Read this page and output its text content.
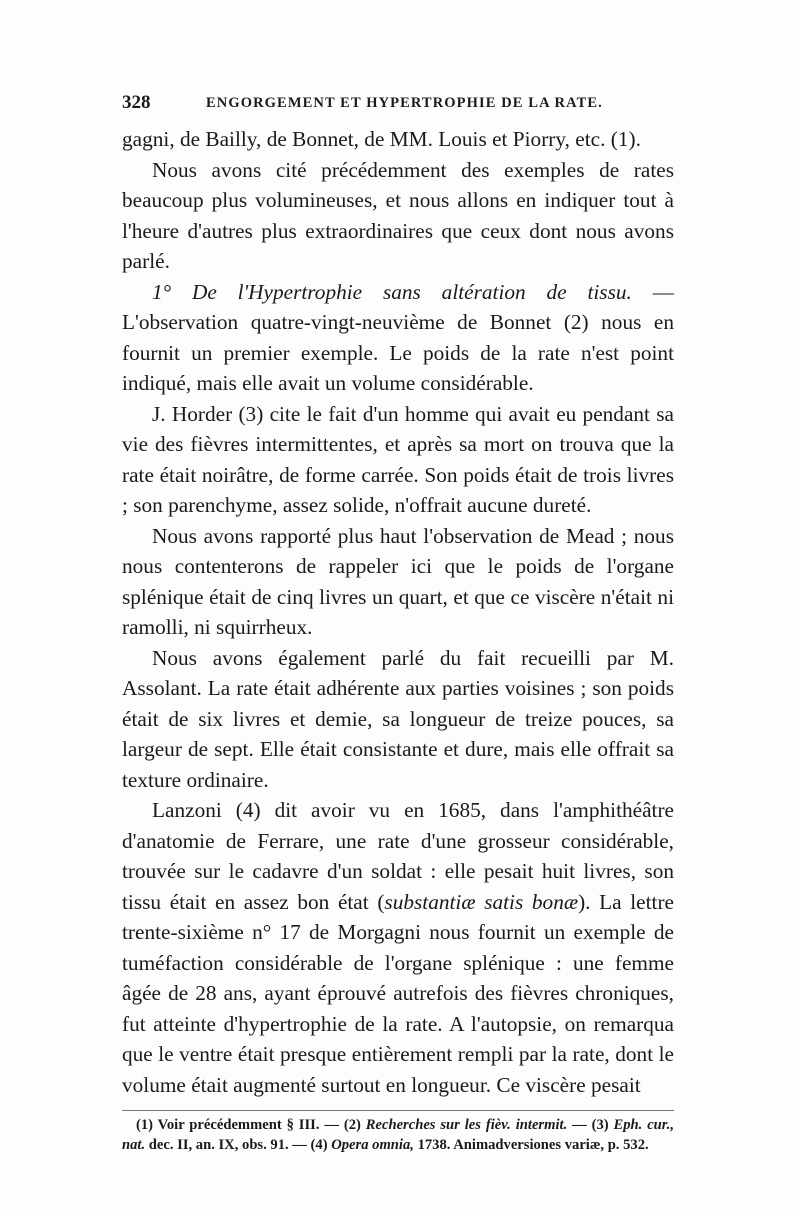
328	ENGORGEMENT ET HYPERTROPHIE DE LA RATE.

gagni, de Bailly, de Bonnet, de MM. Louis et Piorry, etc. (1).

Nous avons cité précédemment des exemples de rates beaucoup plus volumineuses, et nous allons en indiquer tout à l'heure d'autres plus extraordinaires que ceux dont nous avons parlé.

1° De l'Hypertrophie sans altération de tissu. — L'observation quatre-vingt-neuvième de Bonnet (2) nous en fournit un premier exemple. Le poids de la rate n'est point indiqué, mais elle avait un volume considérable.

J. Horder (3) cite le fait d'un homme qui avait eu pendant sa vie des fièvres intermittentes, et après sa mort on trouva que la rate était noirâtre, de forme carrée. Son poids était de trois livres ; son parenchyme, assez solide, n'offrait aucune dureté.

Nous avons rapporté plus haut l'observation de Mead ; nous nous contenterons de rappeler ici que le poids de l'organe splénique était de cinq livres un quart, et que ce viscère n'était ni ramolli, ni squirrheux.

Nous avons également parlé du fait recueilli par M. Assolant. La rate était adhérente aux parties voisines ; son poids était de six livres et demie, sa longueur de treize pouces, sa largeur de sept. Elle était consistante et dure, mais elle offrait sa texture ordinaire.

Lanzoni (4) dit avoir vu en 1685, dans l'amphithéâtre d'anatomie de Ferrare, une rate d'une grosseur considérable, trouvée sur le cadavre d'un soldat : elle pesait huit livres, son tissu était en assez bon état (substantiæ satis bonæ). La lettre trente-sixième n° 17 de Morgagni nous fournit un exemple de tuméfaction considérable de l'organe splénique : une femme âgée de 28 ans, ayant éprouvé autrefois des fièvres chroniques, fut atteinte d'hypertrophie de la rate. A l'autopsie, on remarqua que le ventre était presque entièrement rempli par la rate, dont le volume était augmenté surtout en longueur. Ce viscère pesait

(1) Voir précédemment § III. — (2) Recherches sur les fièv. intermit. — (3) Eph. cur., nat. dec. II, an. IX, obs. 91. — (4) Opera omnia, 1738. Animadversiones variæ, p. 532.
